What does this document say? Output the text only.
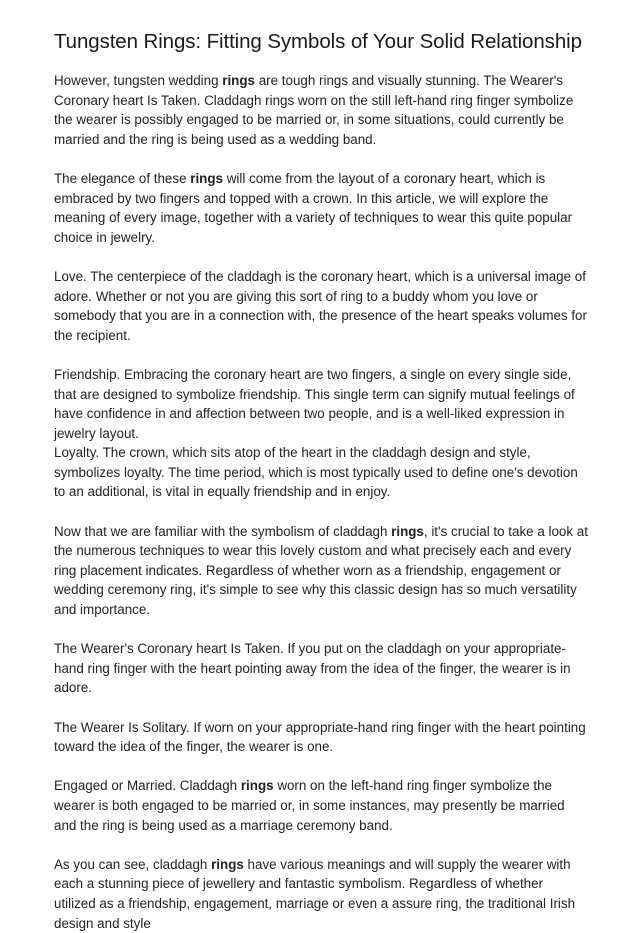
Tungsten Rings: Fitting Symbols of Your Solid Relationship

However, tungsten wedding rings are tough rings and visually stunning. The Wearer's Coronary heart Is Taken. Claddagh rings worn on the still left-hand ring finger symbolize the wearer is possibly engaged to be married or, in some situations, could currently be married and the ring is being used as a wedding band.

The elegance of these rings will come from the layout of a coronary heart, which is embraced by two fingers and topped with a crown. In this article, we will explore the meaning of every image, together with a variety of techniques to wear this quite popular choice in jewelry.

Love. The centerpiece of the claddagh is the coronary heart, which is a universal image of adore. Whether or not you are giving this sort of ring to a buddy whom you love or somebody that you are in a connection with, the presence of the heart speaks volumes for the recipient.

Friendship. Embracing the coronary heart are two fingers, a single on every single side, that are designed to symbolize friendship. This single term can signify mutual feelings of have confidence in and affection between two people, and is a well-liked expression in jewelry layout.

Loyalty. The crown, which sits atop of the heart in the claddagh design and style, symbolizes loyalty. The time period, which is most typically used to define one's devotion to an additional, is vital in equally friendship and in enjoy.

Now that we are familiar with the symbolism of claddagh rings, it's crucial to take a look at the numerous techniques to wear this lovely custom and what precisely each and every ring placement indicates. Regardless of whether worn as a friendship, engagement or wedding ceremony ring, it's simple to see why this classic design has so much versatility and importance.

The Wearer's Coronary heart Is Taken. If you put on the claddagh on your appropriate-hand ring finger with the heart pointing away from the idea of the finger, the wearer is in adore.

The Wearer Is Solitary. If worn on your appropriate-hand ring finger with the heart pointing toward the idea of the finger, the wearer is one.

Engaged or Married. Claddagh rings worn on the left-hand ring finger symbolize the wearer is both engaged to be married or, in some instances, may presently be married and the ring is being used as a marriage ceremony band.

As you can see, claddagh rings have various meanings and will supply the wearer with each a stunning piece of jewellery and fantastic symbolism. Regardless of whether utilized as a friendship, engagement, marriage or even a assure ring, the traditional Irish design and style
